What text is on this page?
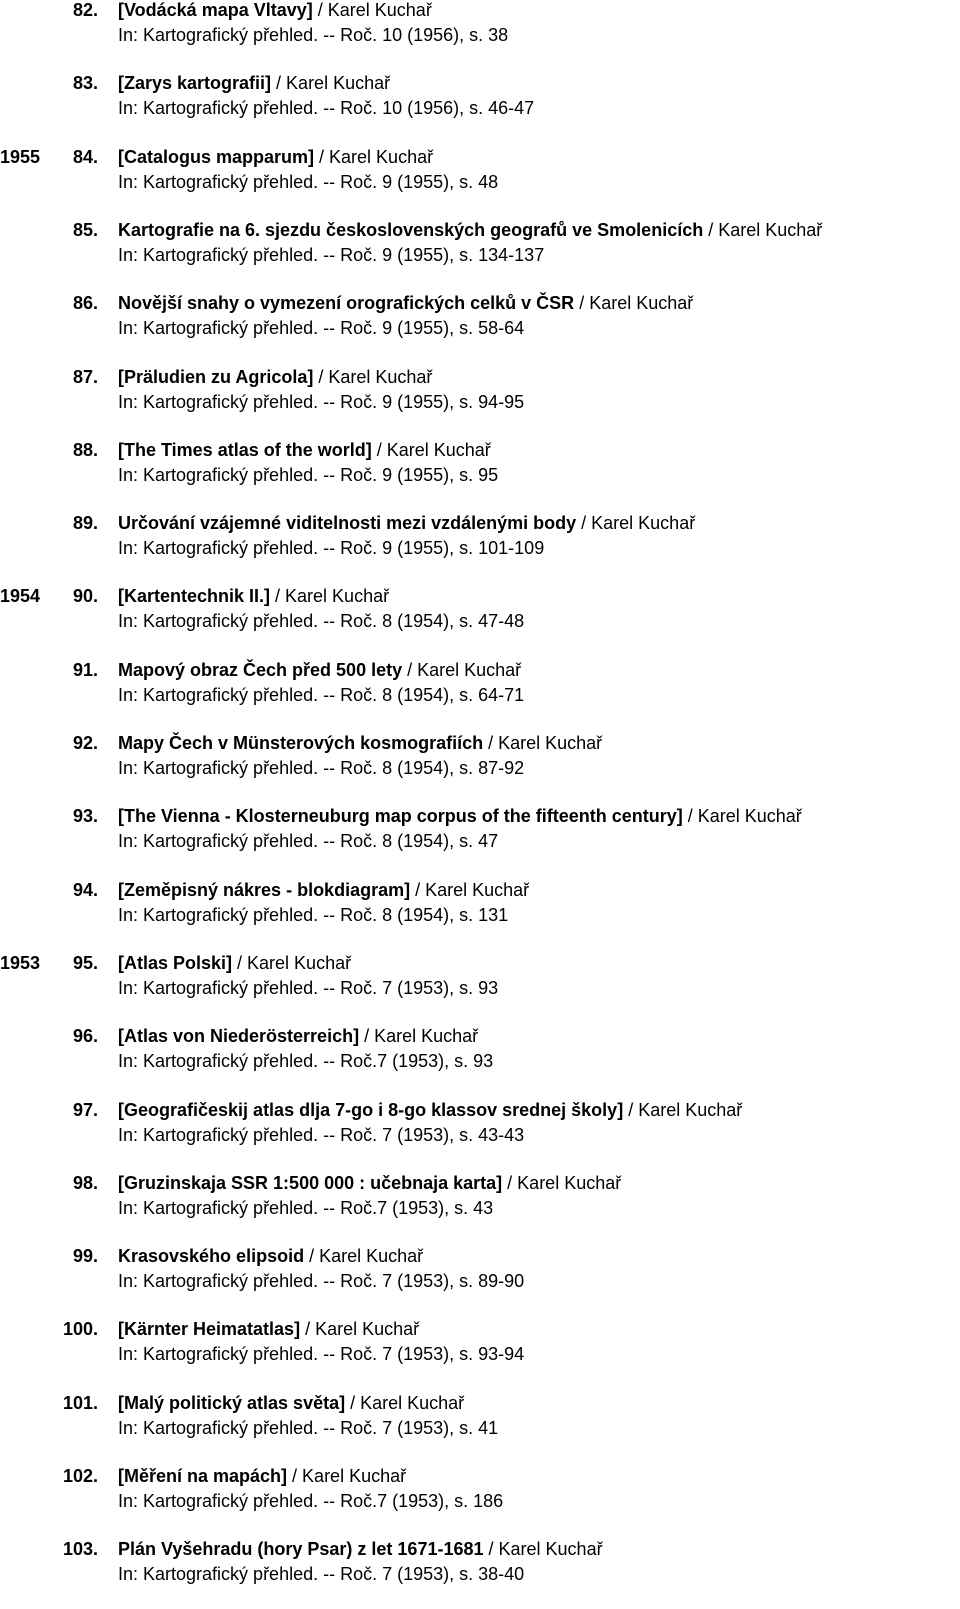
82. [Vodácká mapa Vltavy] / Karel Kuchař
In: Kartografický přehled. -- Roč. 10 (1956), s. 38
83. [Zarys kartografii] / Karel Kuchař
In: Kartografický přehled. -- Roč. 10 (1956), s. 46-47
1955	84. [Catalogus mapparum] / Karel Kuchař
In: Kartografický přehled. -- Roč. 9 (1955), s. 48
85. Kartografie na 6. sjezdu československých geografů ve Smolenicích / Karel Kuchař
In: Kartografický přehled. -- Roč. 9 (1955), s. 134-137
86. Novější snahy o vymezení orografických celků v ČSR / Karel Kuchař
In: Kartografický přehled. -- Roč. 9 (1955), s. 58-64
87. [Präludien zu Agricola] / Karel Kuchař
In: Kartografický přehled. -- Roč. 9 (1955), s. 94-95
88. [The Times atlas of the world] / Karel Kuchař
In: Kartografický přehled. -- Roč. 9 (1955), s. 95
89. Určování vzájemné viditelnosti mezi vzdálenými body / Karel Kuchař
In: Kartografický přehled. -- Roč. 9 (1955), s. 101-109
1954	90. [Kartentechnik II.] / Karel Kuchař
In: Kartografický přehled. -- Roč. 8 (1954), s. 47-48
91. Mapový obraz Čech před 500 lety / Karel Kuchař
In: Kartografický přehled. -- Roč. 8 (1954), s. 64-71
92. Mapy Čech v Münsterových kosmografiích / Karel Kuchař
In: Kartografický přehled. -- Roč. 8 (1954), s. 87-92
93. [The Vienna - Klosterneuburg map corpus of the fifteenth century] / Karel Kuchař
In: Kartografický přehled. -- Roč. 8 (1954), s. 47
94. [Zeměpisný nákres - blokdiagram] / Karel Kuchař
In: Kartografický přehled. -- Roč. 8 (1954), s. 131
1953	95. [Atlas Polski] / Karel Kuchař
In: Kartografický přehled. -- Roč. 7 (1953), s. 93
96. [Atlas von Niederösterreich] / Karel Kuchař
In: Kartografický přehled. -- Roč.7 (1953), s. 93
97. [Geografičeskij atlas dlja 7-go i 8-go klassov srednej školy] / Karel Kuchař
In: Kartografický přehled. -- Roč. 7 (1953), s. 43-43
98. [Gruzinskaja SSR 1:500 000 : učebnaja karta] / Karel Kuchař
In: Kartografický přehled. -- Roč.7 (1953), s. 43
99. Krasovského elipsoid / Karel Kuchař
In: Kartografický přehled. -- Roč. 7 (1953), s. 89-90
100. [Kärnter Heimatatlas] / Karel Kuchař
In: Kartografický přehled. -- Roč. 7 (1953), s. 93-94
101. [Malý politický atlas světa] / Karel Kuchař
In: Kartografický přehled. -- Roč. 7 (1953), s. 41
102. [Měření na mapách] / Karel Kuchař
In: Kartografický přehled. -- Roč.7 (1953), s. 186
103. Plán Vyšehradu (hory Psar) z let 1671-1681 / Karel Kuchař
In: Kartografický přehled. -- Roč. 7 (1953), s. 38-40
